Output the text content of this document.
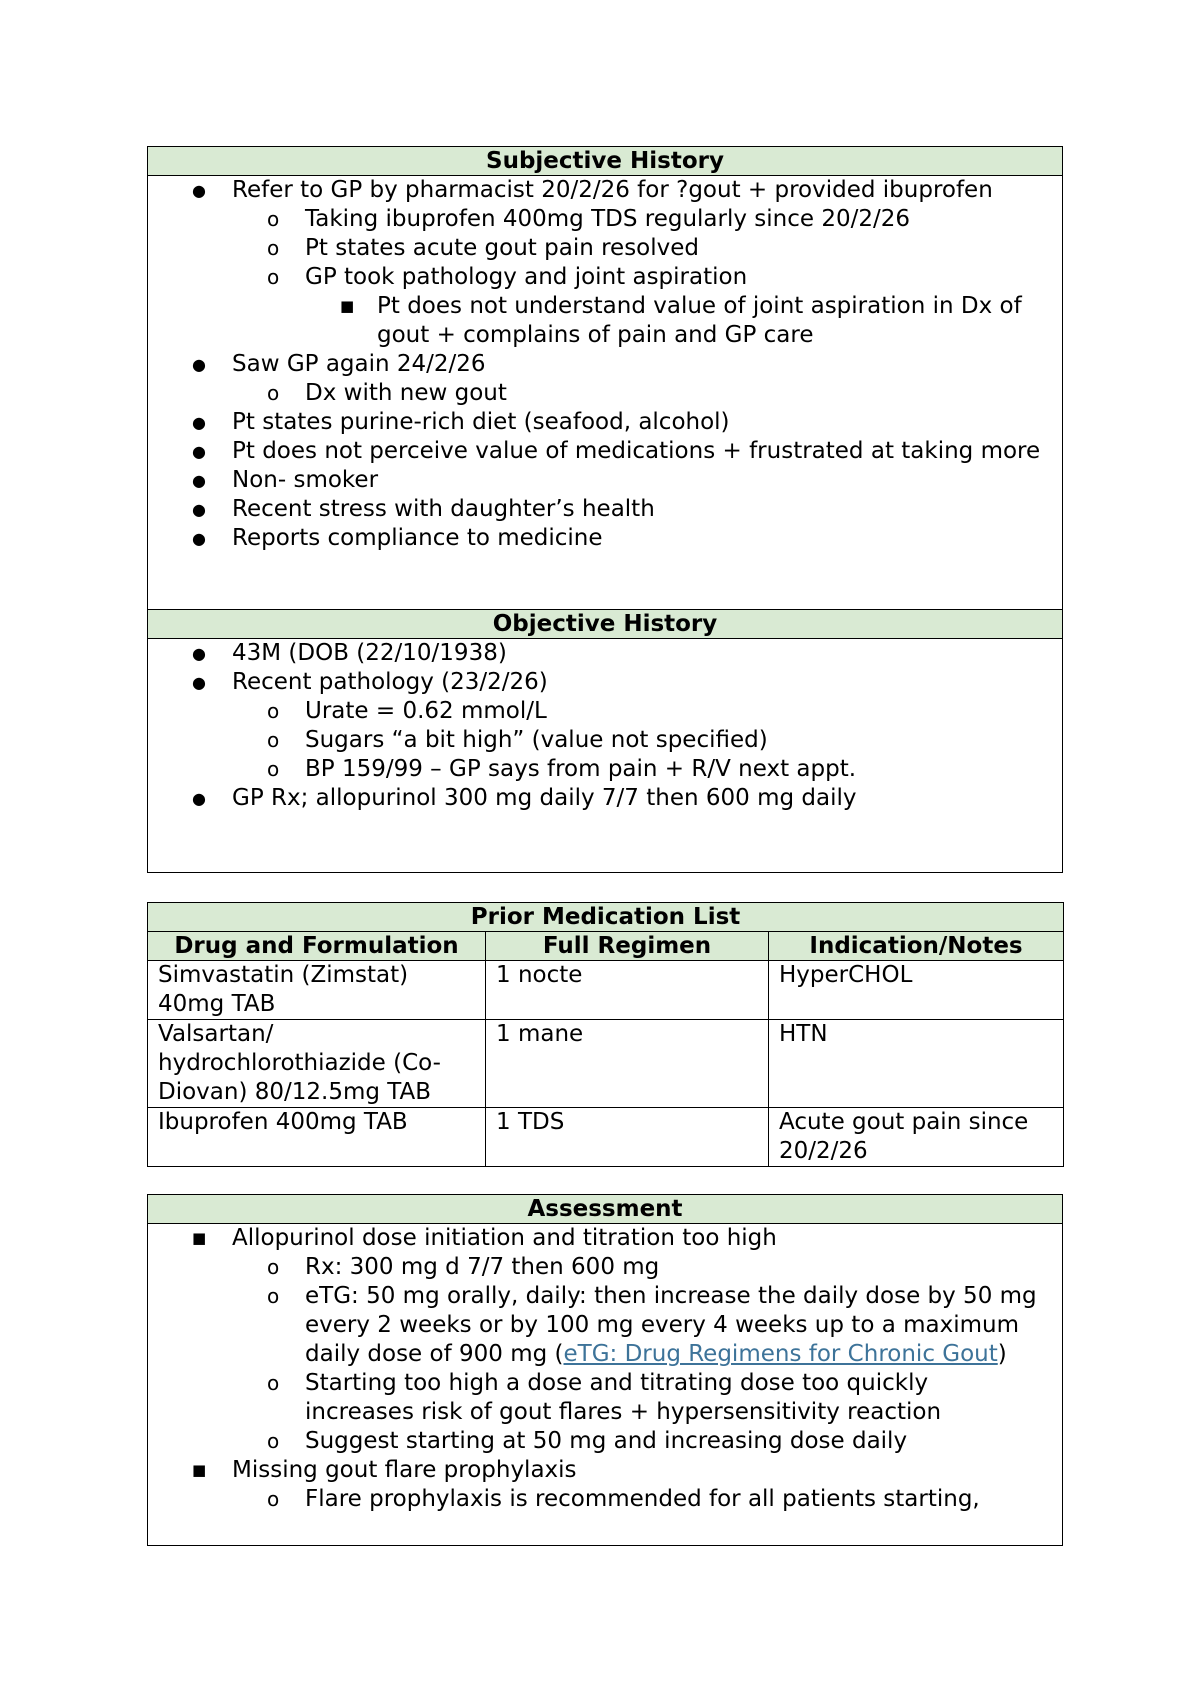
Subjective History
● Refer to GP by pharmacist 20/2/26 for ?gout + provided ibuprofen
o Taking ibuprofen 400mg TDS regularly since 20/2/26
o Pt states acute gout pain resolved
o GP took pathology and joint aspiration
■ Pt does not understand value of joint aspiration in Dx of gout + complains of pain and GP care
● Saw GP again 24/2/26
o Dx with new gout
● Pt states purine-rich diet (seafood, alcohol)
● Pt does not perceive value of medications + frustrated at taking more
● Non- smoker
● Recent stress with daughter’s health
● Reports compliance to medicine
Objective History
● 43M (DOB (22/10/1938)
● Recent pathology (23/2/26)
o Urate = 0.62 mmol/L
o Sugars “a bit high” (value not specified)
o BP 159/99 – GP says from pain + R/V next appt.
● GP Rx; allopurinol 300 mg daily 7/7 then 600 mg daily
Prior Medication List		
Drug and Formulation	Full Regimen	Indication/Notes
Simvastatin (Zimstat) 40mg TAB	1 nocte	HyperCHOL
Valsartan/ hydrochlorothiazide (Co-Diovan) 80/12.5mg TAB	1 mane	HTN
Ibuprofen 400mg TAB	1 TDS	Acute gout pain since 20/2/26
Assessment
■ Allopurinol dose initiation and titration too high
o Rx: 300 mg d 7/7 then 600 mg
o eTG: 50 mg orally, daily: then increase the daily dose by 50 mg every 2 weeks or by 100 mg every 4 weeks up to a maximum daily dose of 900 mg (eTG: Drug Regimens for Chronic Gout)
o Starting too high a dose and titrating dose too quickly increases risk of gout flares + hypersensitivity reaction
o Suggest starting at 50 mg and increasing dose daily
■ Missing gout flare prophylaxis
o Flare prophylaxis is recommended for all patients starting,
